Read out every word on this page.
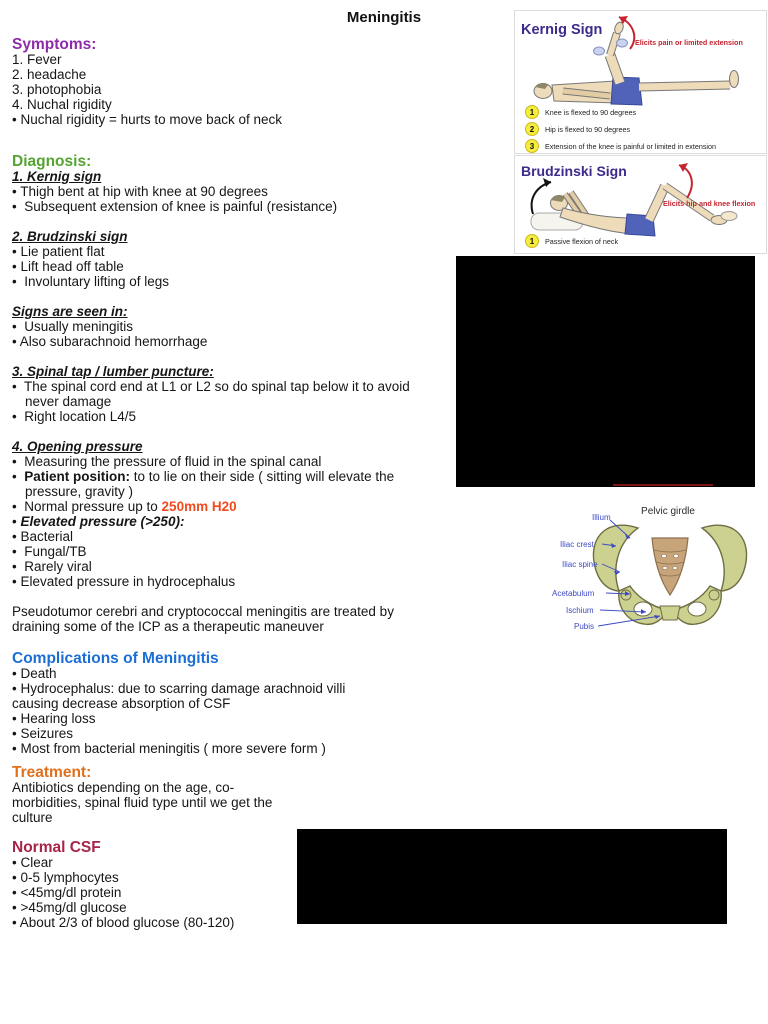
Meningitis
Symptoms:
1. Fever
2. headache
3. photophobia
4. Nuchal rigidity
• Nuchal rigidity = hurts to move back of neck
Diagnosis:
1. Kernig sign
• Thigh bent at hip with knee at 90 degrees
•  Subsequent extension of knee is painful (resistance)
2. Brudzinski sign
• Lie patient flat
• Lift head off table
•  Involuntary lifting of legs
Signs are seen in:
•  Usually meningitis
• Also subarachnoid hemorrhage
3. Spinal tap / lumber puncture:
•  The spinal cord end at L1 or L2 so do spinal tap below it to avoid
never damage
•  Right location L4/5
4. Opening pressure
•  Measuring the pressure of fluid in the spinal canal
•  Patient position: to to lie on their side ( sitting will elevate the
pressure, gravity )
•  Normal pressure up to 250mm H20
• Elevated pressure (>250):
• Bacterial
•  Fungal/TB
•  Rarely viral
• Elevated pressure in hydrocephalus
Pseudotumor cerebri and cryptococcal meningitis are treated by
draining some of the ICP as a therapeutic maneuver
Complications of Meningitis
• Death
• Hydrocephalus: due to scarring damage arachnoid villi
causing decrease absorption of CSF
• Hearing loss
• Seizures
• Most from bacterial meningitis ( more severe form )
Treatment:
Antibiotics depending on the age, co-
morbidities, spinal fluid type until we get the
culture
Normal CSF
• Clear
• 0-5 lymphocytes
• <45mg/dl protein
• >45mg/dl glucose
• About 2/3 of blood glucose (80-120)
Kernig Sign
Elicits pain or limited extension
1 Knee is flexed to 90 degrees
2 Hip is flexed to 90 degrees
3 Extension of the knee is painful or limited in extension
Brudzinski Sign
Elicits hip and knee flexion
1 Passive flexion of neck
Pelvic girdle
Illium
Iliac crest
Iliac spine
Acetabulum
Ischium
Pubis
